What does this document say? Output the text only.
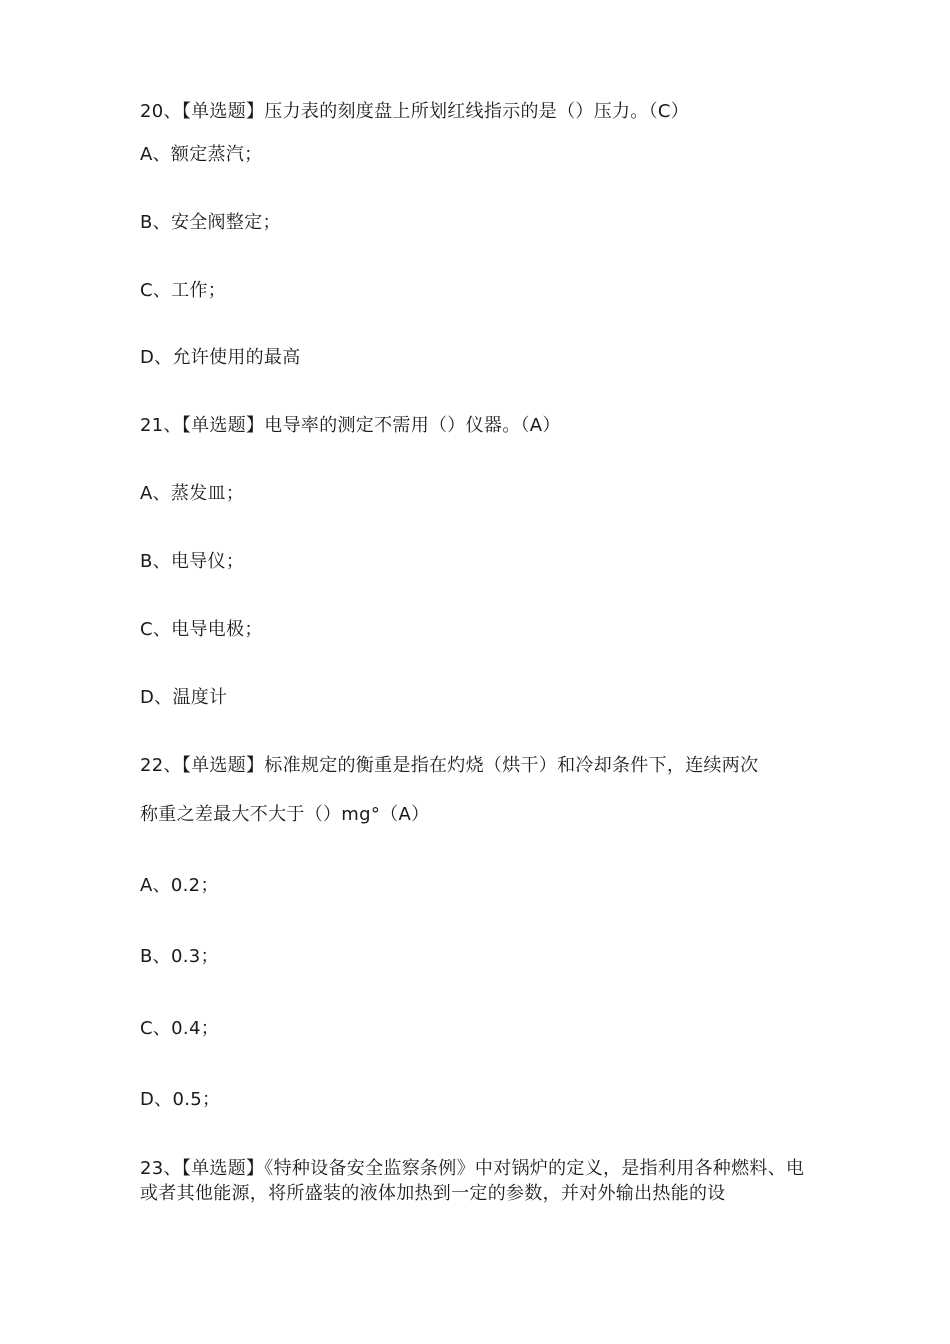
20、【单选题】压力表的刻度盘上所划红线指示的是（）压力。（C）
A、额定蒸汽；
B、安全阀整定；
C、工作；
D、允许使用的最高
21、【单选题】电导率的测定不需用（）仪器。（A）
A、蒸发皿；
B、电导仪；
C、电导电极；
D、温度计
22、【单选题】标准规定的衡重是指在灼烧（烘干）和冷却条件下，连续两次
称重之差最大不大于（）mg°（A）
A、0.2；
B、0.3；
C、0.4；
D、0.5；
23、【单选题】《特种设备安全监察条例》中对锅炉的定义，是指利用各种燃料、电或者其他能源，将所盛装的液体加热到一定的参数，并对外输出热能的设
